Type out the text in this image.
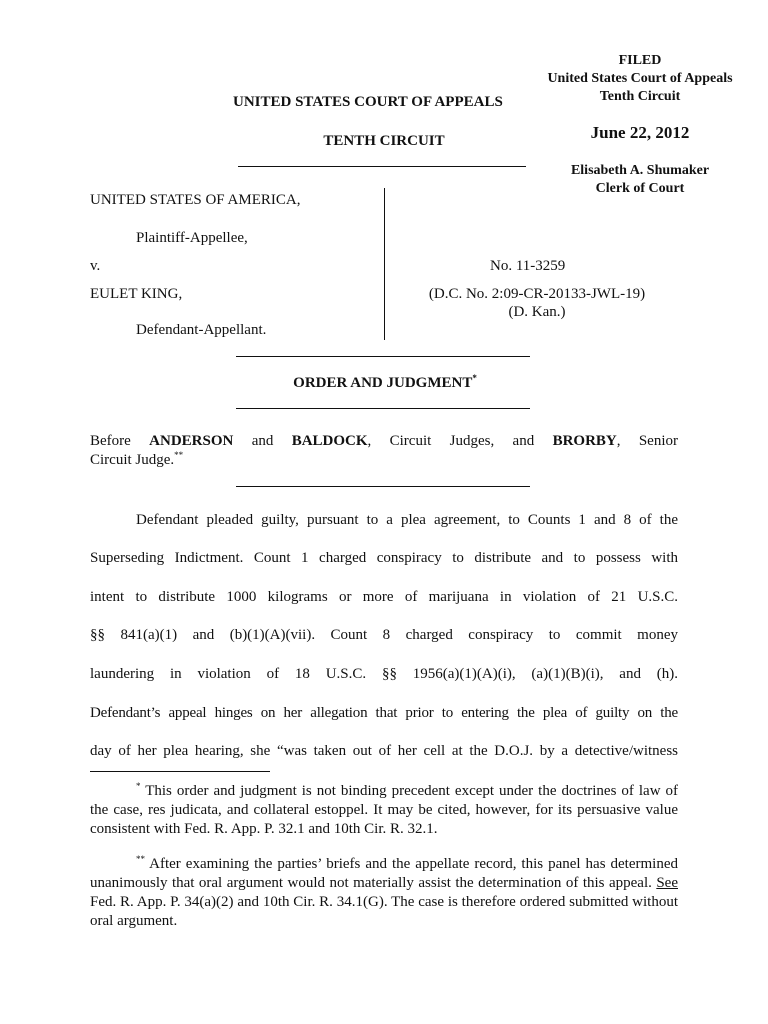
FILED
United States Court of Appeals
Tenth Circuit
June 22, 2012
Elisabeth A. Shumaker
Clerk of Court
UNITED STATES COURT OF APPEALS
TENTH CIRCUIT
UNITED STATES OF AMERICA,
Plaintiff-Appellee,
v.
EULET KING,
Defendant-Appellant.
No. 11-3259
(D.C. No. 2:09-CR-20133-JWL-19)
(D. Kan.)
ORDER AND JUDGMENT*
Before ANDERSON and BALDOCK, Circuit Judges, and BRORBY, Senior
Circuit Judge.**
Defendant pleaded guilty, pursuant to a plea agreement, to Counts 1 and 8 of the
Superseding Indictment. Count 1 charged conspiracy to distribute and to possess with
intent to distribute 1000 kilograms or more of marijuana in violation of 21 U.S.C.
§§ 841(a)(1) and (b)(1)(A)(vii). Count 8 charged conspiracy to commit money
laundering in violation of 18 U.S.C. §§ 1956(a)(1)(A)(i), (a)(1)(B)(i), and (h).
Defendant’s appeal hinges on her allegation that prior to entering the plea of guilty on the
day of her plea hearing, she “was taken out of her cell at the D.O.J. by a detective/witness

* This order and judgment is not binding precedent except under the doctrines of law of the case, res judicata, and collateral estoppel. It may be cited, however, for its persuasive value consistent with Fed. R. App. P. 32.1 and 10th Cir. R. 32.1.

** After examining the parties’ briefs and the appellate record, this panel has determined unanimously that oral argument would not materially assist the determination of this appeal. See Fed. R. App. P. 34(a)(2) and 10th Cir. R. 34.1(G). The case is therefore ordered submitted without oral argument.
